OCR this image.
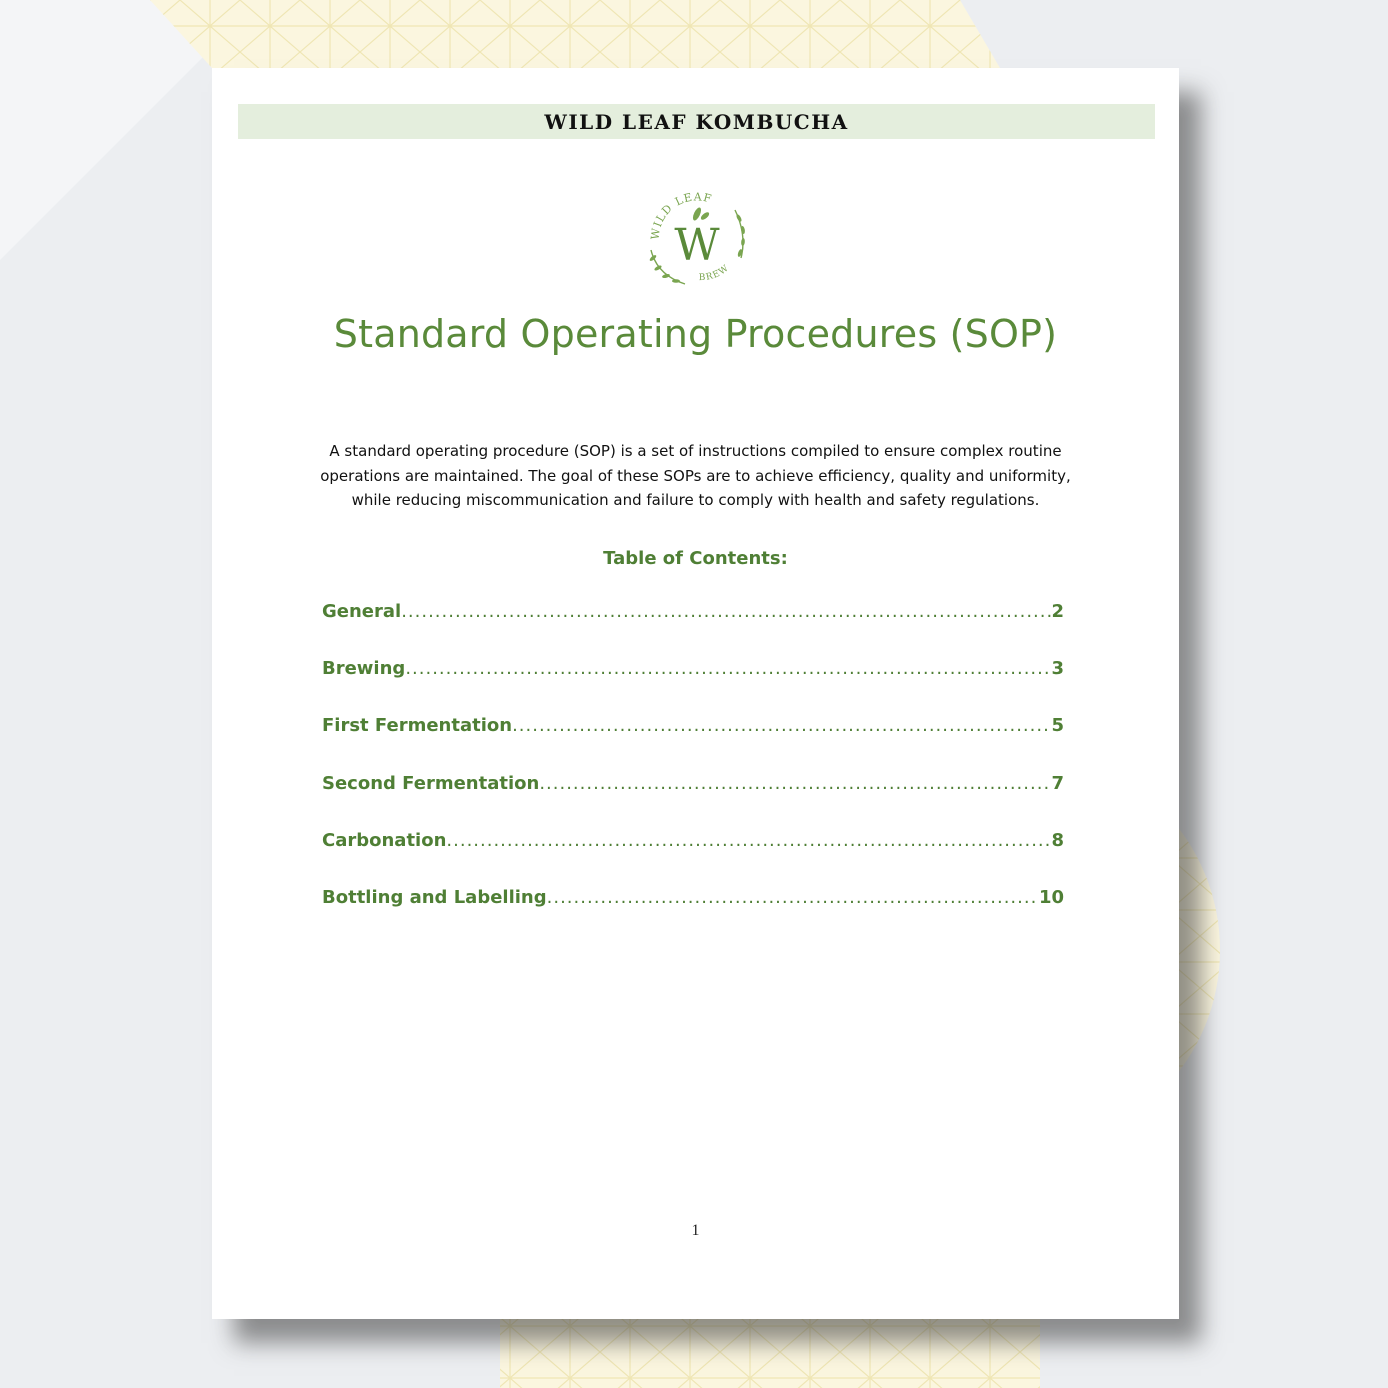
WILD LEAF KOMBUCHA
WILD LEAF
BREW
W
Standard Operating Procedures (SOP)

A standard operating procedure (SOP) is a set of instructions compiled to ensure complex routine operations are maintained. The goal of these SOPs are to achieve efficiency, quality and uniformity, while reducing miscommunication and failure to comply with health and safety regulations.

Table of Contents:
General .....	2
Brewing .....	3
First Fermentation .....	5
Second Fermentation .....	7
Carbonation .....	8
Bottling and Labelling .....	10
1
